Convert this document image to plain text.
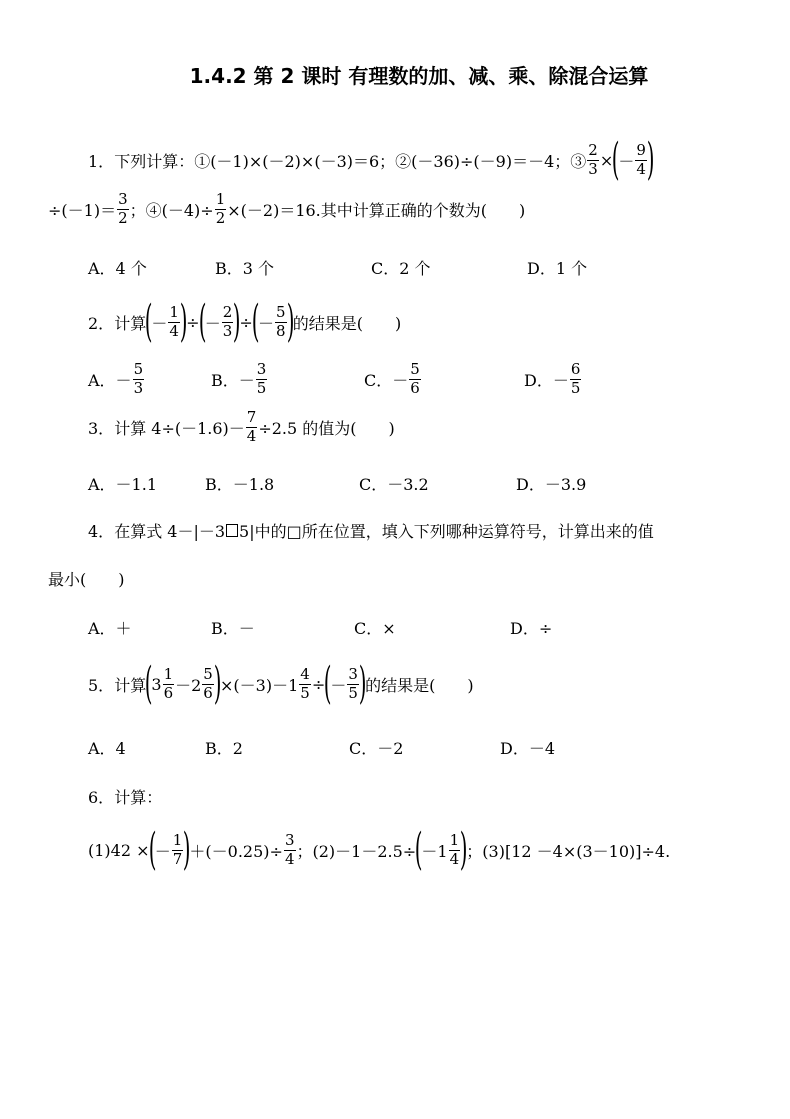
1.4.2 第 2 课时 有理数的加、减、乘、除混合运算
1． 下列计算：①(－1)×(－2)×(－3)＝6；②(－36)÷(－9)＝－4；③ $\frac{2}{3}$ ×
(
－ $\frac{9}{4}$ )
$\div(-1)= \frac{3}{2}$ ；④(－4)÷ $\frac{1}{2} \times(-2)=16$.其中计算正确的个数为(　　)
A．4 个	B．3 个	C．2 个	D．1 个
2． 计算
(
－ $\frac{1}{4}$ )
÷
(
－ $\frac{2}{3}$ )
÷
(
－ $\frac{5}{8}$ )
的结果是(　　)
A．－ $\frac{5}{3}$	B．－ $\frac{3}{5}$	C．－ $\frac{5}{6}$	D．－ $\frac{6}{5}$
3． 计算 $4\div(-1.6)- \frac{7}{4} \div 2.5$ 的值为(　　)
A．－1.1	B．－1.8	C．－3.2	D．－3.9
4． 在算式 4－|－3 5|中的□所在位置，填入下列哪种运算符号，计算出来的值
最小(　　)
A．＋	B．－	C．×	D．÷
5． 计算
(
$3 \frac{1}{6} -2 \frac{5}{6}$ )
$\times(-3)-1 \frac{4}{5}$ ÷
(
－ $\frac{3}{5}$ )
的结果是(　　)
A．4	B．2	C．－2	D．－4
6． 计算：
(1)42 ×
(
－ $\frac{1}{7}$ )
$+(-0.25)\div \frac{3}{4}$ ；(2)－1－2.5÷
(
$-1 \frac{1}{4}$ )
；(3)[12 －4×(3－10)]÷4.
